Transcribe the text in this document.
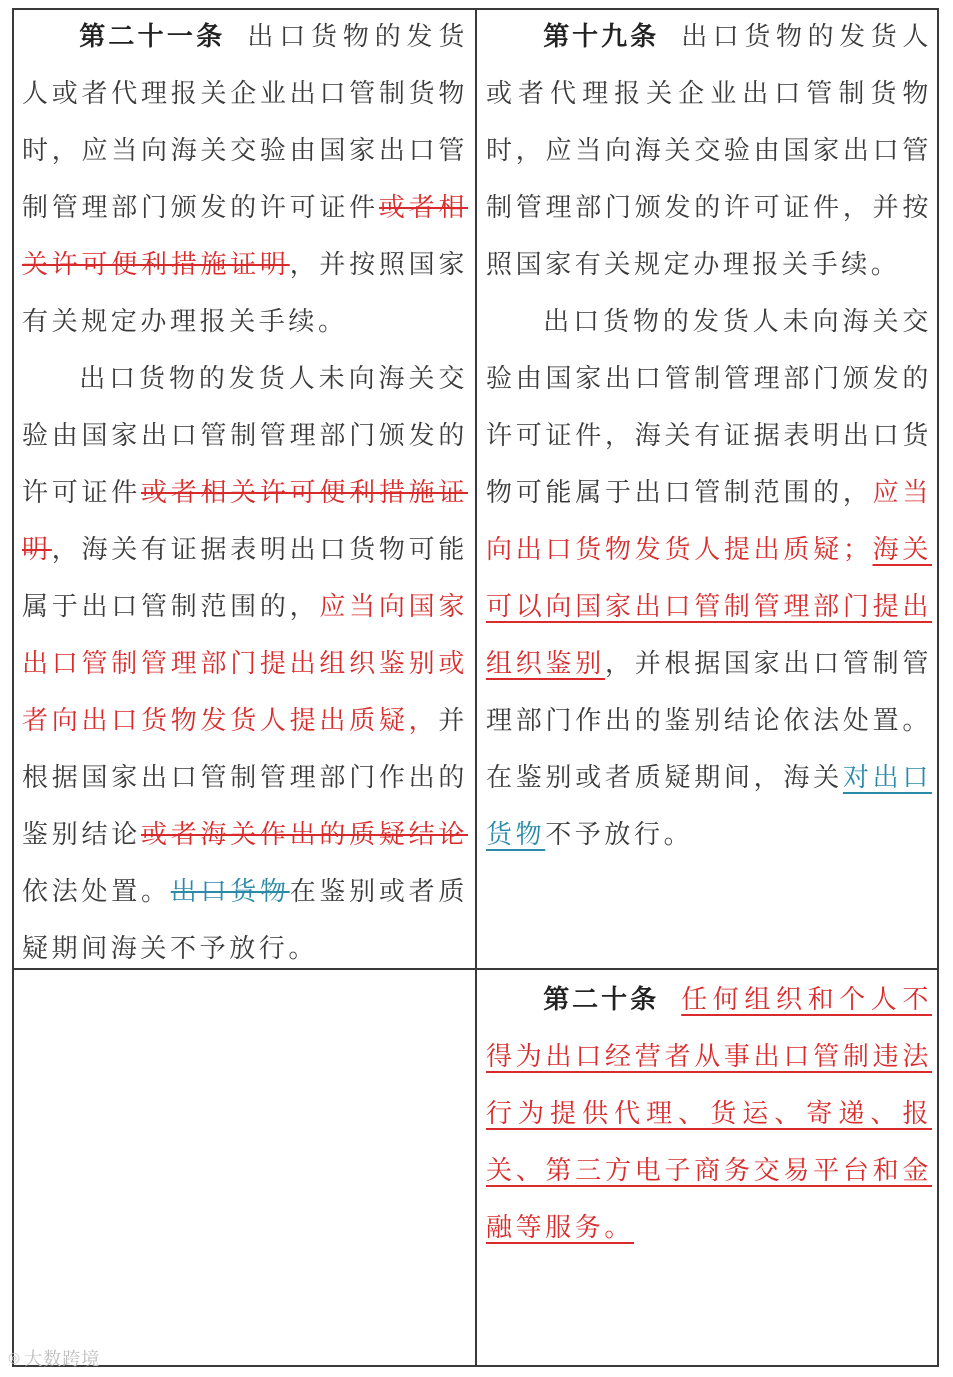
第二十一条 出口货物的发货人或者代理报关企业出口管制货物时，应当向海关交验由国家出口管制管理部门颁发的许可证件或者相关许可便利措施证明，并按照国家有关规定办理报关手续。

出口货物的发货人未向海关交验由国家出口管制管理部门颁发的许可证件或者相关许可便利措施证明，海关有证据表明出口货物可能属于出口管制范围的，应当向国家出口管制管理部门提出组织鉴别或者向出口货物发货人提出质疑，并根据国家出口管制管理部门作出的鉴别结论或者海关作出的质疑结论依法处置。出口货物在鉴别或者质疑期间海关不予放行。

第十九条 出口货物的发货人或者代理报关企业出口管制货物时，应当向海关交验由国家出口管制管理部门颁发的许可证件，并按照国家有关规定办理报关手续。

出口货物的发货人未向海关交验由国家出口管制管理部门颁发的许可证件，海关有证据表明出口货物可能属于出口管制范围的，应当向出口货物发货人提出质疑；海关可以向国家出口管制管理部门提出组织鉴别，并根据国家出口管制管理部门作出的鉴别结论依法处置。在鉴别或者质疑期间，海关对出口货物不予放行。

第二十条 任何组织和个人不得为出口经营者从事出口管制违法行为提供代理、货运、寄递、报关、第三方电子商务交易平台和金融等服务。

◎ 大数跨境
